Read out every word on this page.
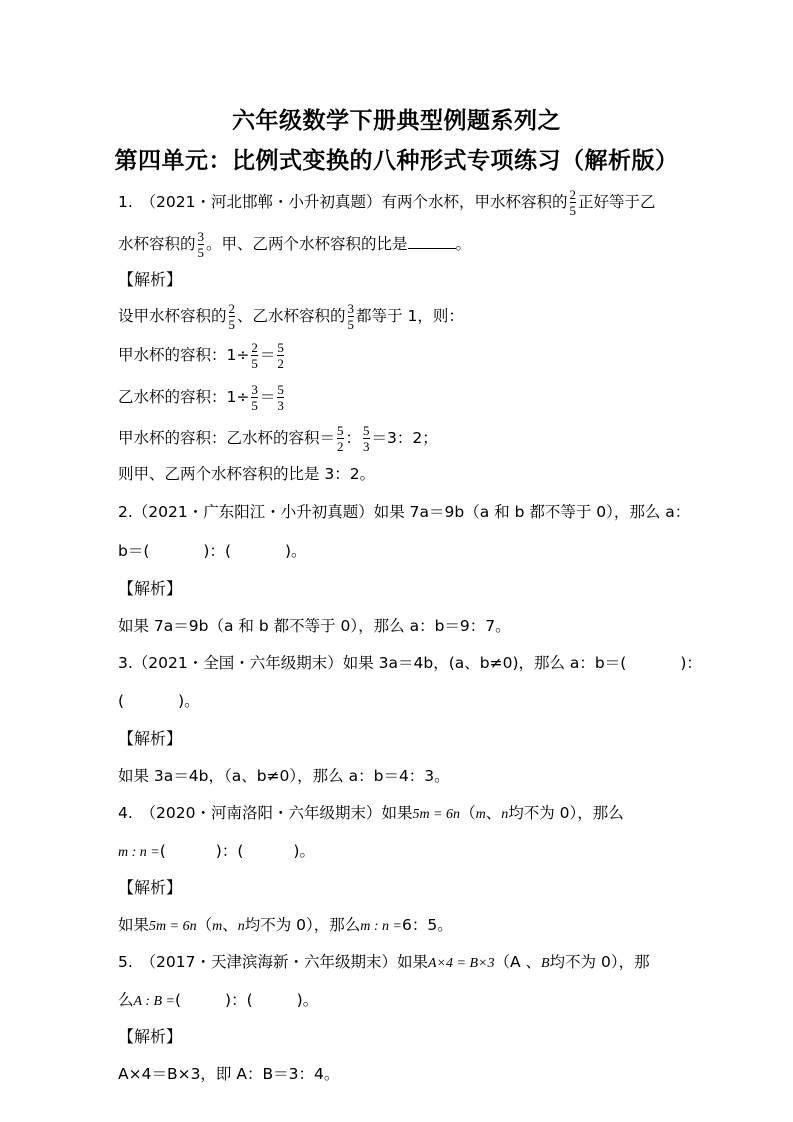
六年级数学下册典型例题系列之
第四单元：比例式变换的八种形式专项练习（解析版）
1.　（2021・河北邯郸・小升初真题）有两个水杯，甲水杯容积的 $\frac{2}{5}$ 正好等于乙
水杯容积的 $\frac{3}{5}$ 。甲、乙两个水杯容积的比是	。
【解析】
设甲水杯容积的 $\frac{2}{5}$ 、乙水杯容积的 $\frac{3}{5}$ 都等于 1，则：
甲水杯的容积：$1\div \frac{2}{5} = \frac{5}{2}$
乙水杯的容积：$1\div \frac{3}{5} = \frac{5}{3}$
甲水杯的容积：乙水杯的容积＝ $\frac{5}{2}$ ： $\frac{5}{3} =3$：2；
则甲、乙两个水杯容积的比是 3：2。
2.（2021・广东阳江・小升初真题）如果 7a＝9b（a 和 b 都不等于 0），那么 a：
b＝(	)：(	)。
【解析】
如果 7a＝9b（a 和 b 都不等于 0），那么 a：b＝9：7。
3.（2021・全国・六年级期末）如果 3a＝4b，(a、b≠0)，那么 a：b＝(	)：
(	)。
【解析】
如果 3a＝4b，（a、b≠0），那么 a：b＝4：3。
4.　（2020・河南洛阳・六年级期末）如果5m = 6n（m、n均不为 0），那么
m : n =(	)：(	)。
【解析】
如果5m = 6n（m、n均不为 0），那么m : n =6：5。
5.　（2017・天津滨海新・六年级期末）如果A×4 = B×3（A 、B均不为 0），那
么A : B =(	)：(	)。
【解析】
A×4＝B×3，即 A：B＝3：4。
